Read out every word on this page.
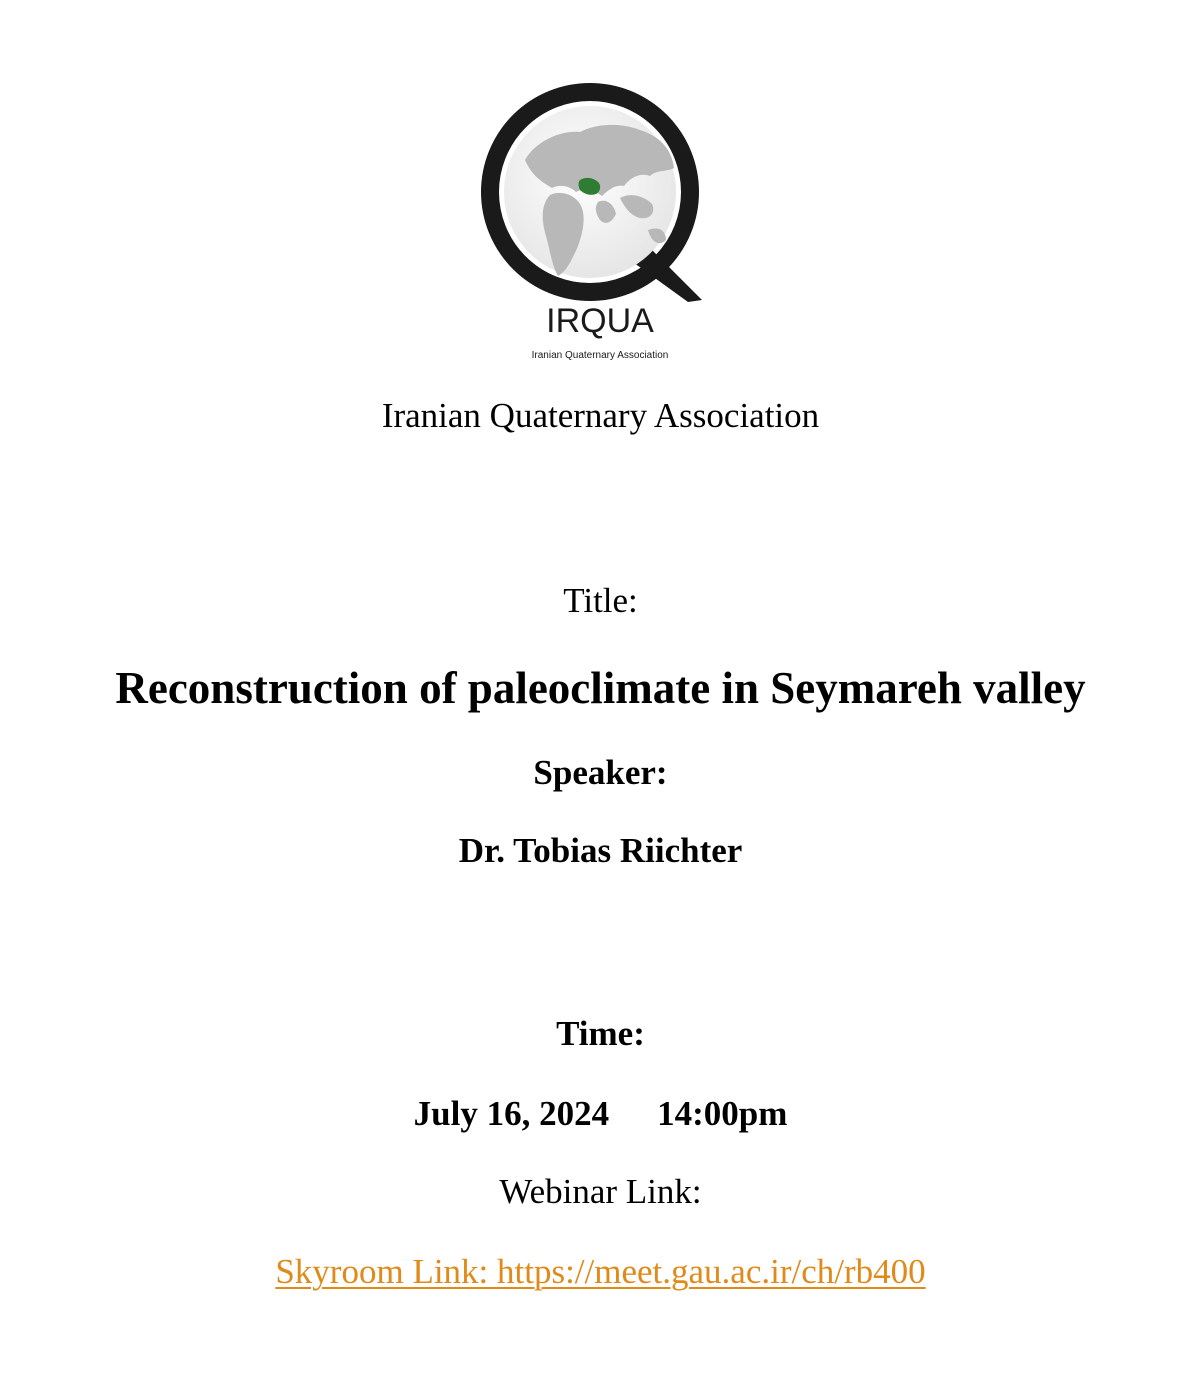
IRQUA
Iranian Quaternary Association
Iranian Quaternary Association
Title:
Reconstruction of paleoclimate in Seymareh valley
Speaker:
Dr. Tobias Riichter
Time:
July 16, 2024 14:00pm
Webinar Link:
Skyroom Link: https://meet.gau.ac.ir/ch/rb400
